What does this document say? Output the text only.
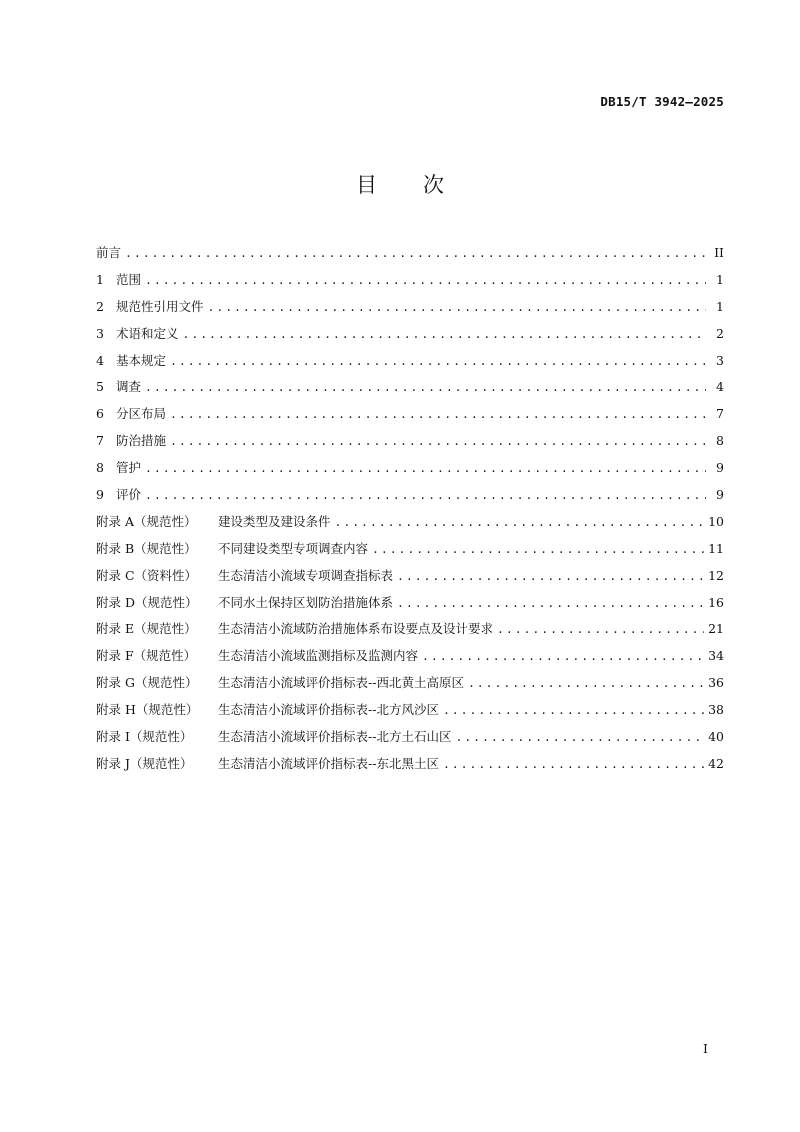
DB15/T 3942—2025
目 次
前言 . . .	II
1 范围 . . .	1
2 规范性引用文件 . . .	1
3 术语和定义 . . .	2
4 基本规定 . . .	3
5 调查 . . .	4
6 分区布局 . . .	7
7 防治措施 . . .	8
8 管护 . . .	9
9 评价 . . .	9
附录 A（规范性）	建设类型及建设条件 . . .	10
附录 B（规范性）	不同建设类型专项调查内容 . . .	11
附录 C（资料性）	生态清洁小流域专项调查指标表 . . .	12
附录 D（规范性）	不同水土保持区划防治措施体系 . . .	16
附录 E（规范性）	生态清洁小流域防治措施体系布设要点及设计要求 . . .	21
附录 F（规范性）	生态清洁小流域监测指标及监测内容 . . .	34
附录 G（规范性）	生态清洁小流域评价指标表--西北黄土高原区 . . .	36
附录 H（规范性）	生态清洁小流域评价指标表--北方风沙区 . . .	38
附录 I（规范性）	生态清洁小流域评价指标表--北方土石山区 . . .	40
附录 J（规范性）	生态清洁小流域评价指标表--东北黑土区 . . .	42
I
